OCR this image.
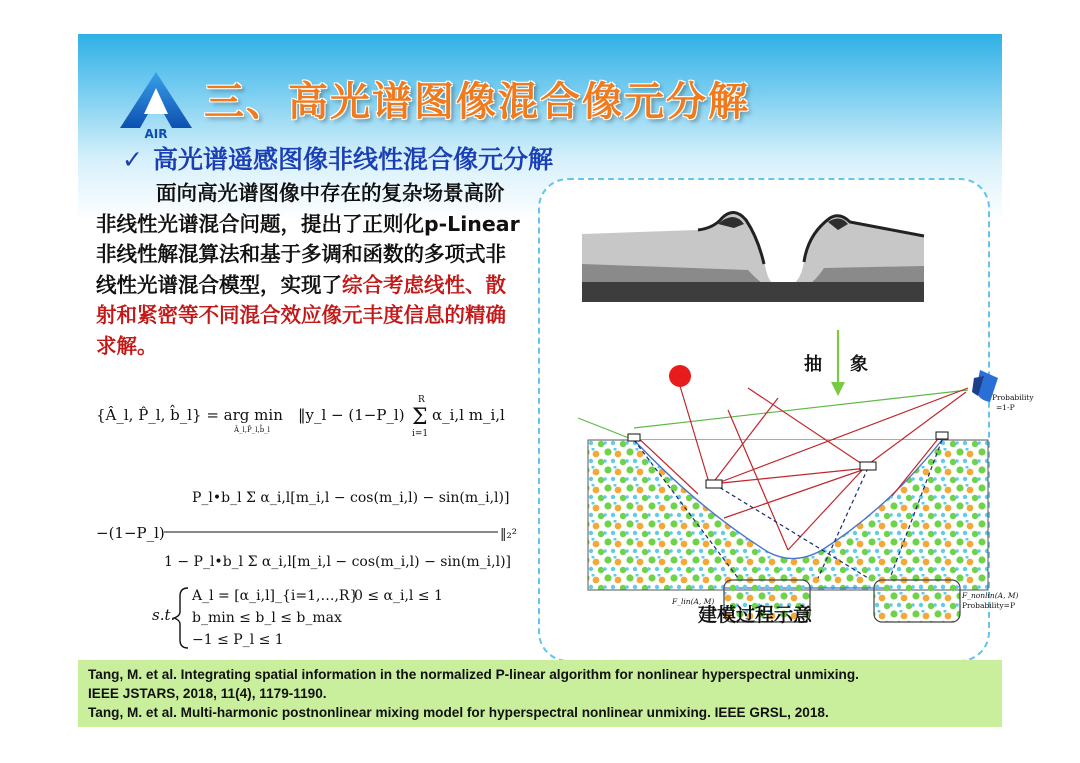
AIR
三、高光谱图像混合像元分解
✓ 高光谱遥感图像非线性混合像元分解
面向高光谱图像中存在的复杂场景高阶非线性光谱混合问题，提出了正则化p-Linear非线性解混算法和基于多调和函数的多项式非线性光谱混合模型，实现了综合考虑线性、散射和紧密等不同混合效应像元丰度信息的精确求解。
{Â_l, P̂_l, b̂_l} = arg min
Â_l,P̂_l,b̂_l
‖y_l − (1−P_l)
R
Σ
i=1
α_i,l m_i,l
P_l•b_l Σ α_i,l[m_i,l − cos(m_i,l) − sin(m_i,l)]
−(1−P_l)
1 − P_l•b_l Σ α_i,l[m_i,l − cos(m_i,l) − sin(m_i,l)]
‖₂²
s.t.
A_l = [α_i,l]_{i=1,…,R}
0 ≤ α_i,l ≤ 1
b_min ≤ b_l ≤ b_max
−1 ≤ P_l ≤ 1
抽 象
Probability
=1-P
F_lin(A, M)
F_nonlin(A, M)
Probability=P
建模过程示意
Tang, M. et al. Integrating spatial information in the normalized P-linear algorithm for nonlinear hyperspectral unmixing.
IEEE JSTARS, 2018, 11(4), 1179-1190.
Tang, M. et al. Multi-harmonic postnonlinear mixing model for hyperspectral nonlinear unmixing. IEEE GRSL, 2018.
